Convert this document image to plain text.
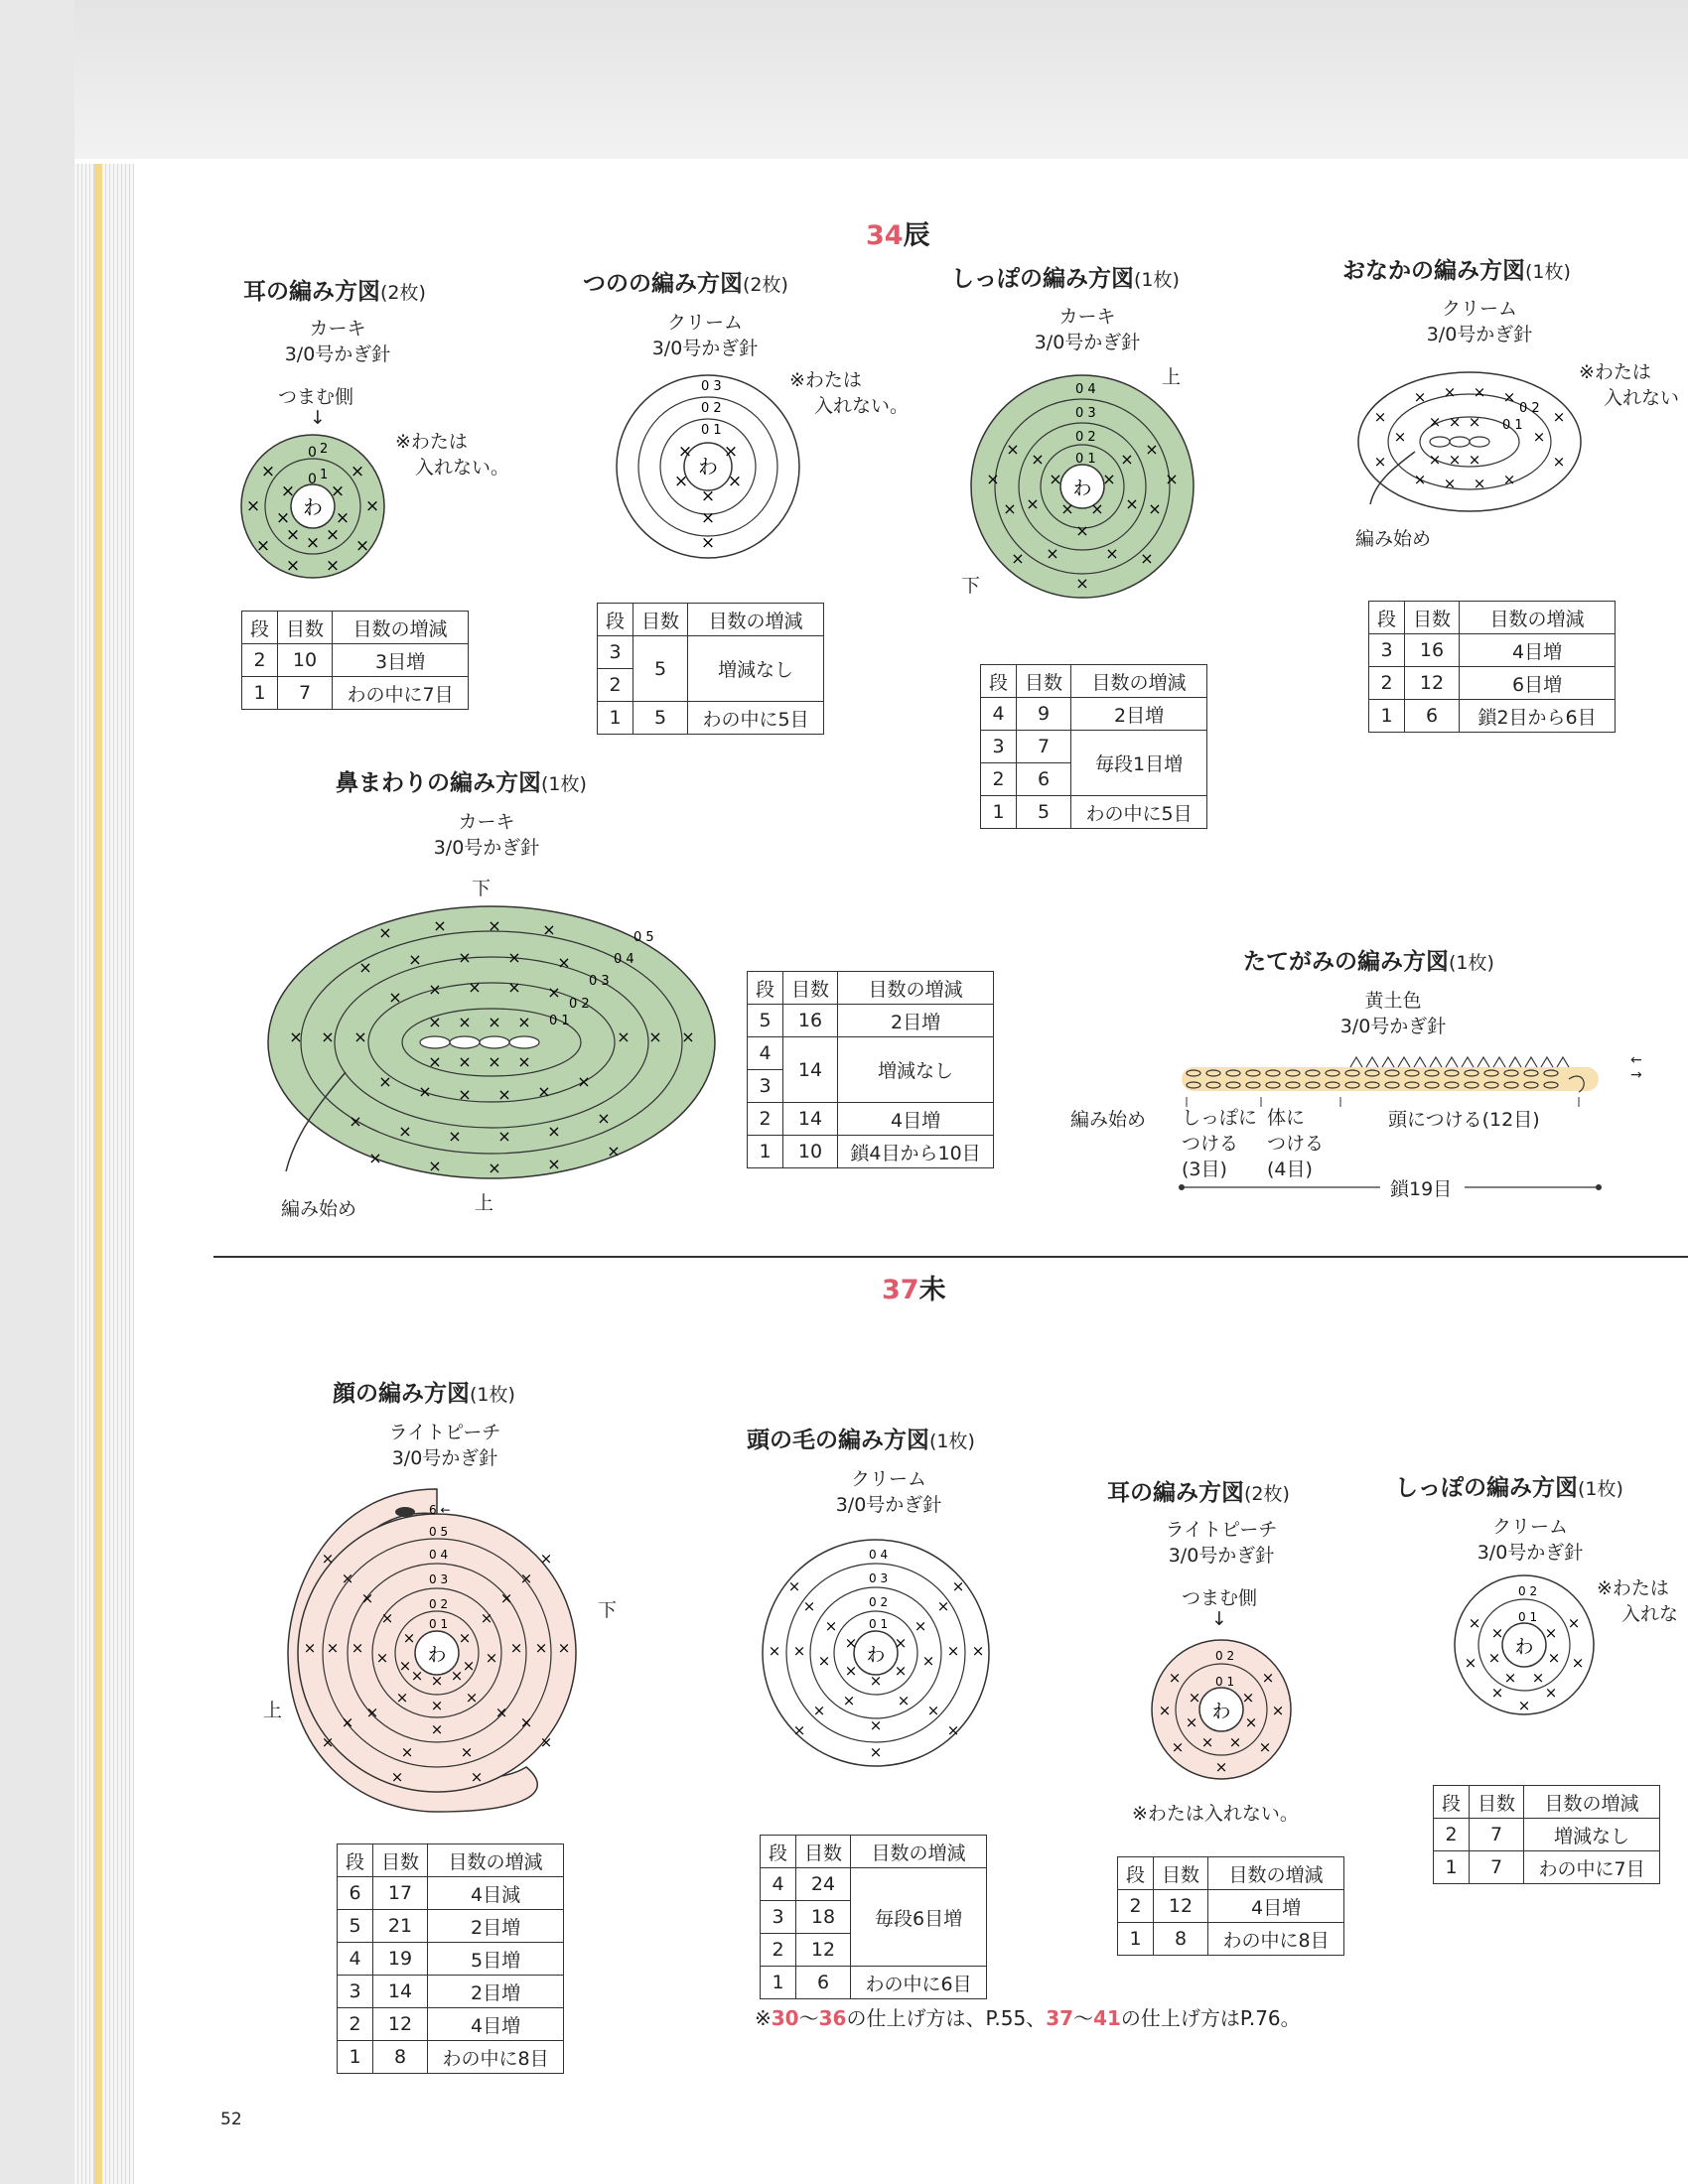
34辰
耳の編み方図(2枚)
カーキ
3/0号かぎ針
つまむ側
↓
※わたは
入れない。
わ
0 1
0 2
× ×
×	×
×
× ×
×	×
×	×
×	×
× ×
段	目数	目数の増減
2	10	3目増
1	7	わの中に7目
つのの編み方図(2枚)
クリーム
3/0号かぎ針
※わたは
入れない。
わ
0 1
0 2
0 3
× ×
× ×
×
×
×
段	目数	目数の増減
3	5	増減なし
2		
1	5	わの中に5目
しっぽの編み方図(1枚)
カーキ
3/0号かぎ針
上
下
わ
0 1
0 2
0 3
0 4
×	×
× ×
×	×
×	×
×
×	×
×	×
×	×
×	×
×	×
×
段	目数	目数の増減
4	9	2目増
3	7	毎段1目増
2	6	
1	5	わの中に5目
おなかの編み方図(1枚)
クリーム
3/0号かぎ針
※わたは
入れない
0 1
0 2
× × ×
× × ×
× × × ×
×	×
× × × ×
×	×
×	×
編み始め
段	目数	目数の増減
3	16	4目増
2	12	6目増
1	6	鎖2目から6目
鼻まわりの編み方図(1枚)
カーキ
3/0号かぎ針
下
0 1
0 2
0 3
0 4
0 5
× × × ×
× × × ×
× × × × ×
×
× × × ×
×
× × × × ×
×
× × × ×
×
×	×	×	×
×	×	×	×
×
× × ×	× × ×
編み始め	上
段	目数	目数の増減
5	16	2目増
4	14	増減なし
3		
2	14	4目増
1	10	鎖4目から10目
たてがみの編み方図(1枚)
黄土色
3/0号かぎ針
←
→
編み始め しっぽに
つける
(3目)
体に
つける
(4目)
頭につける(12目)
鎖19目
37未
顔の編み方図(1枚)
ライトピーチ
3/0号かぎ針
下
上
わ
0 1
0 2
0 3
0 4
0 5
6 ←
×	×
×	×
×
× ×
×	×
×	×
×	×
×
×	×
×	×
×	×
×
×	×
×	×
×	×
×	×
×	×
×	×
×	×
×	×
段	目数	目数の増減
6	17	4目減
5	21	2目増
4	19	5目増
3	14	2目増
2	12	4目増
1	8	わの中に8目
頭の毛の編み方図(1枚)
クリーム
3/0号かぎ針
わ
0 1
0 2
0 3
0 4
× ×
× ×
×
×	×
×	×
×	×
×	×
×	×
×	×
×
×	×
×	×
×	×
×
段	目数	目数の増減
4	24	毎段6目増
3	18	
2	12	
1	6	わの中に6目
耳の編み方図(2枚)
ライトピーチ
3/0号かぎ針
つまむ側
↓
わ
0 1
0 2
×	×
×	×
× ×
×	×
×	×
×	×
×
※わたは入れない。
段	目数	目数の増減
2	12	4目増
1	8	わの中に8目
しっぽの編み方図(1枚)
クリーム
3/0号かぎ針
※わたは
入れな
わ
0 1
0 2
×	×
×	×
× ×
×	×
×	×
×	×
×
段	目数	目数の増減
2	7	増減なし
1	7	わの中に7目
※30〜36の仕上げ方は、P.55、37〜41の仕上げ方はP.76。
52
